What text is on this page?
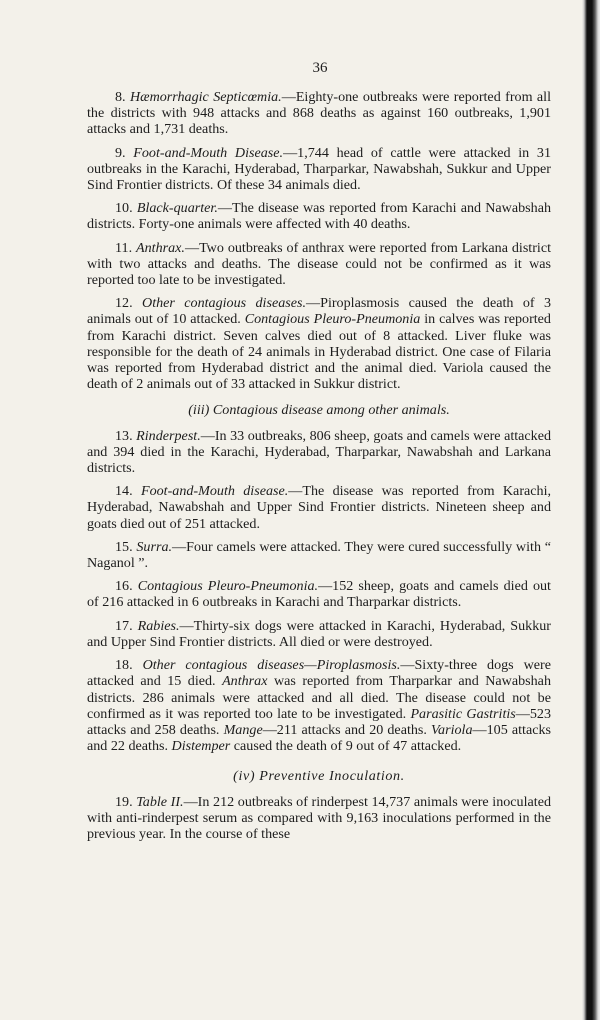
36

8. Hæmorrhagic Septicœmia.—Eighty-one outbreaks were reported from all the districts with 948 attacks and 868 deaths as against 160 outbreaks, 1,901 attacks and 1,731 deaths.

9. Foot-and-Mouth Disease.—1,744 head of cattle were attacked in 31 outbreaks in the Karachi, Hyderabad, Tharparkar, Nawabshah, Sukkur and Upper Sind Frontier districts. Of these 34 animals died.

10. Black-quarter.—The disease was reported from Karachi and Nawabshah districts. Forty-one animals were affected with 40 deaths.

11. Anthrax.—Two outbreaks of anthrax were reported from Larkana district with two attacks and deaths. The disease could not be confirmed as it was reported too late to be investigated.

12. Other contagious diseases.—Piroplasmosis caused the death of 3 animals out of 10 attacked. Contagious Pleuro-Pneumonia in calves was reported from Karachi district. Seven calves died out of 8 attacked. Liver fluke was responsible for the death of 24 animals in Hyderabad district. One case of Filaria was reported from Hyderabad district and the animal died. Variola caused the death of 2 animals out of 33 attacked in Sukkur district.

(iii) Contagious disease among other animals.

13. Rinderpest.—In 33 outbreaks, 806 sheep, goats and camels were attacked and 394 died in the Karachi, Hyderabad, Tharparkar, Nawabshah and Larkana districts.

14. Foot-and-Mouth disease.—The disease was reported from Karachi, Hyderabad, Nawabshah and Upper Sind Frontier districts. Nineteen sheep and goats died out of 251 attacked.

15. Surra.—Four camels were attacked. They were cured successfully with “ Naganol ”.

16. Contagious Pleuro-Pneumonia.—152 sheep, goats and camels died out of 216 attacked in 6 outbreaks in Karachi and Tharparkar districts.

17. Rabies.—Thirty-six dogs were attacked in Karachi, Hyderabad, Sukkur and Upper Sind Frontier districts. All died or were destroyed.

18. Other contagious diseases—Piroplasmosis.—Sixty-three dogs were attacked and 15 died. Anthrax was reported from Tharparkar and Nawabshah districts. 286 animals were attacked and all died. The disease could not be confirmed as it was reported too late to be investigated. Parasitic Gastritis—523 attacks and 258 deaths. Mange—211 attacks and 20 deaths. Variola—105 attacks and 22 deaths. Distemper caused the death of 9 out of 47 attacked.

(iv) Preventive Inoculation.

19. Table II.—In 212 outbreaks of rinderpest 14,737 animals were inoculated with anti-rinderpest serum as compared with 9,163 inoculations performed in the previous year. In the course of these
